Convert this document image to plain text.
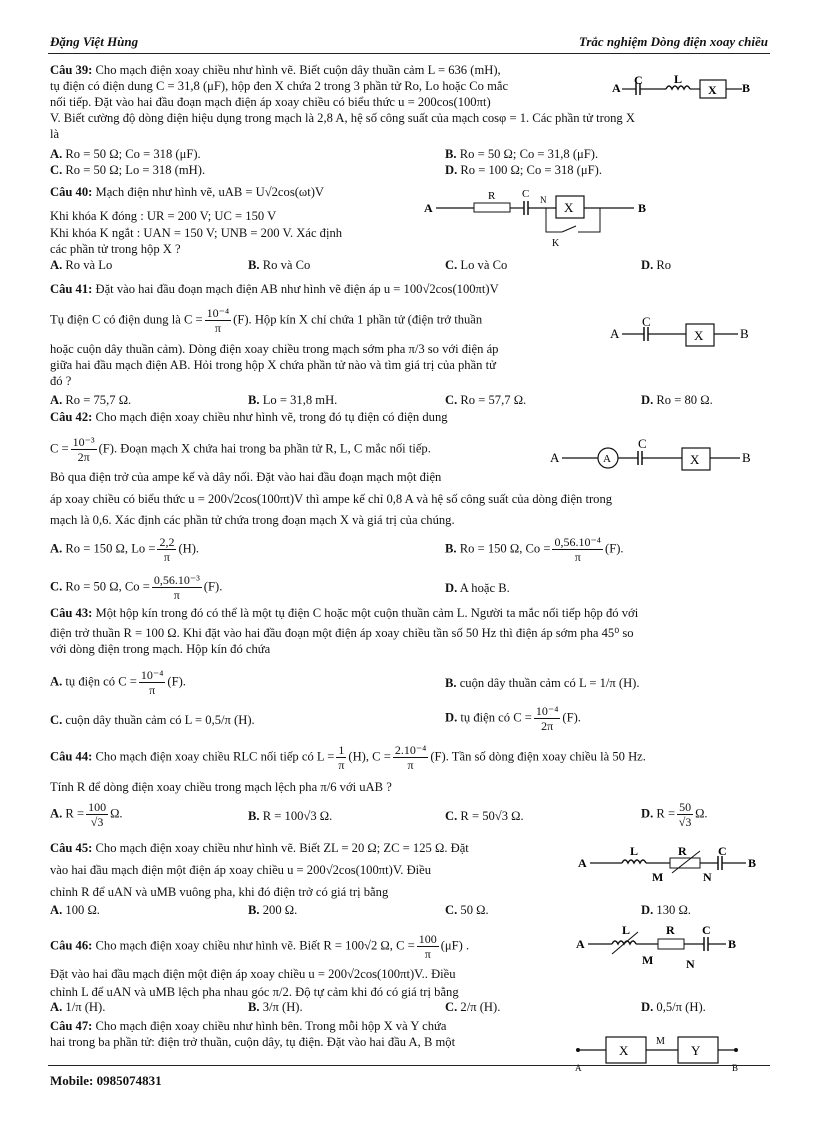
Đặng Việt Hùng	Trắc nghiệm Dòng điện xoay chiều
Câu 39: Cho mạch điện xoay chiều như hình vẽ. Biết cuộn dây thuần cảm L = 636 (mH),
tụ điện có điện dung C = 31,8 (μF), hộp đen X chứa 2 trong 3 phần tử Ro, Lo hoặc Co mắc
nối tiếp. Đặt vào hai đầu đoạn mạch điện áp xoay chiều có biểu thức u = 200cos(100πt)
V. Biết cường độ dòng điện hiệu dụng trong mạch là 2,8 A, hệ số công suất của mạch cosφ = 1. Các phần tử trong X
là
A. Ro = 50 Ω; Co = 318 (μF).	B. Ro = 50 Ω; Co = 31,8 (μF).
C. Ro = 50 Ω; Lo = 318 (mH).	D. Ro = 100 Ω; Co = 318 (μF).
A
C	L
X B
Câu 40: Mạch điện như hình vẽ, uAB = U√2cos(ωt)V
Khi khóa K đóng : UR = 200 V; UC = 150 V
Khi khóa K ngắt : UAN = 150 V; UNB = 200 V. Xác định
các phần tử trong hộp X ?
A. Ro và Lo	B. Ro và Co	C. Lo và Co	D. Ro
A
R C N X	B
K
Câu 41: Đặt vào hai đầu đoạn mạch điện AB như hình vẽ điện áp u = 100√2cos(100πt)V
Tụ điện C có điện dung là $C = \frac{\text{10⁻⁴}}{\pi} (F)$. Hộp kín X chỉ chứa 1 phần tử (điện trở thuần
hoặc cuộn dây thuần cảm). Dòng điện xoay chiều trong mạch sớm pha π/3 so với điện áp
giữa hai đầu mạch điện AB. Hỏi trong hộp X chứa phần tử nào và tìm giá trị của phần tử
đó ?
A. Ro = 75,7 Ω.	B. Lo = 31,8 mH.	C. Ro = 57,7 Ω.	D. Ro = 80 Ω.
A
C
X	B
Câu 42: Cho mạch điện xoay chiều như hình vẽ, trong đó tụ điện có điện dung
$C = \frac{\text{10⁻³}}{2\pi} (F)$. Đoạn mạch X chứa hai trong ba phần tử R, L, C mắc nối tiếp.
Bỏ qua điện trở của ampe kế và dây nối. Đặt vào hai đầu đoạn mạch một điện
áp xoay chiều có biểu thức u = 200√2cos(100πt)V thì ampe kế chỉ 0,8 A và hệ số công suất của dòng điện trong
mạch là 0,6. Xác định các phần tử chứa trong đoạn mạch X và giá trị của chúng.
A. Ro = 150 Ω, $Lo = \frac{2,2}{\pi} (H)$.	B. Ro = 150 Ω, $Co = \frac{\text{0,56.10⁻⁴}}{\pi} (F)$.
C. Ro = 50 Ω, $Co = \frac{\text{0,56.10⁻³}}{\pi} (F)$.	D. A hoặc B.
A	A
C
X	B
Câu 43: Một hộp kín trong đó có thể là một tụ điện C hoặc một cuộn thuần cảm L. Người ta mắc nối tiếp hộp đó với
điện trở thuần R = 100 Ω. Khi đặt vào hai đầu đoạn một điện áp xoay chiều tần số 50 Hz thì điện áp sớm pha 45⁰ so
với dòng điện trong mạch. Hộp kín đó chứa
A. tụ điện có $C = \frac{\text{10⁻⁴}}{\pi} (F)$.	B. cuộn dây thuần cảm có L = 1/π (H).
C. cuộn dây thuần cảm có L = 0,5/π (H).	D. tụ điện có $C = \frac{\text{10⁻⁴}}{2\pi} (F)$.
Câu 44: Cho mạch điện xoay chiều RLC nối tiếp có $L = \frac{1}{\pi} (H)$, $C = \frac{\text{2.10⁻⁴}}{\pi} (F)$. Tần số dòng điện xoay chiều là 50 Hz.
Tính R để dòng điện xoay chiều trong mạch lệch pha π/6 với uAB ?
A. $R = \frac{100}{√3} \Omega$.	B. R = 100√3 Ω.	C. R = 50√3 Ω.	D. $R = \frac{50}{√3} \Omega$.
Câu 45: Cho mạch điện xoay chiều như hình vẽ. Biết ZL = 20 Ω; ZC = 125 Ω. Đặt
vào hai đầu mạch điện một điện áp xoay chiều u = 200√2cos(100πt)V. Điều
chỉnh R để uAN và uMB vuông pha, khi đó điện trở có giá trị bằng
A. 100 Ω.	B. 200 Ω.	C. 50 Ω.	D. 130 Ω.
A
L	R	C
B
M	N
Câu 46: Cho mạch điện xoay chiều như hình vẽ. Biết R = 100√2 Ω, $C = \frac{100}{\pi} (\mu F)$ .
Đặt vào hai đầu mạch điện một điện áp xoay chiều u = 200√2cos(100πt)V.. Điều
chỉnh L để uAN và uMB lệch pha nhau góc π/2. Độ tự cảm khi đó có giá trị bằng
A. 1/π (H).	B. 3/π (H).	C. 2/π (H).	D. 0,5/π (H).
A
L	R C
B
M	N
Câu 47: Cho mạch điện xoay chiều như hình bên. Trong mỗi hộp X và Y chứa
hai trong ba phần tử: điện trở thuần, cuộn dây, tụ điện. Đặt vào hai đầu A, B một
X
M
Y
A	B
Mobile: 0985074831
